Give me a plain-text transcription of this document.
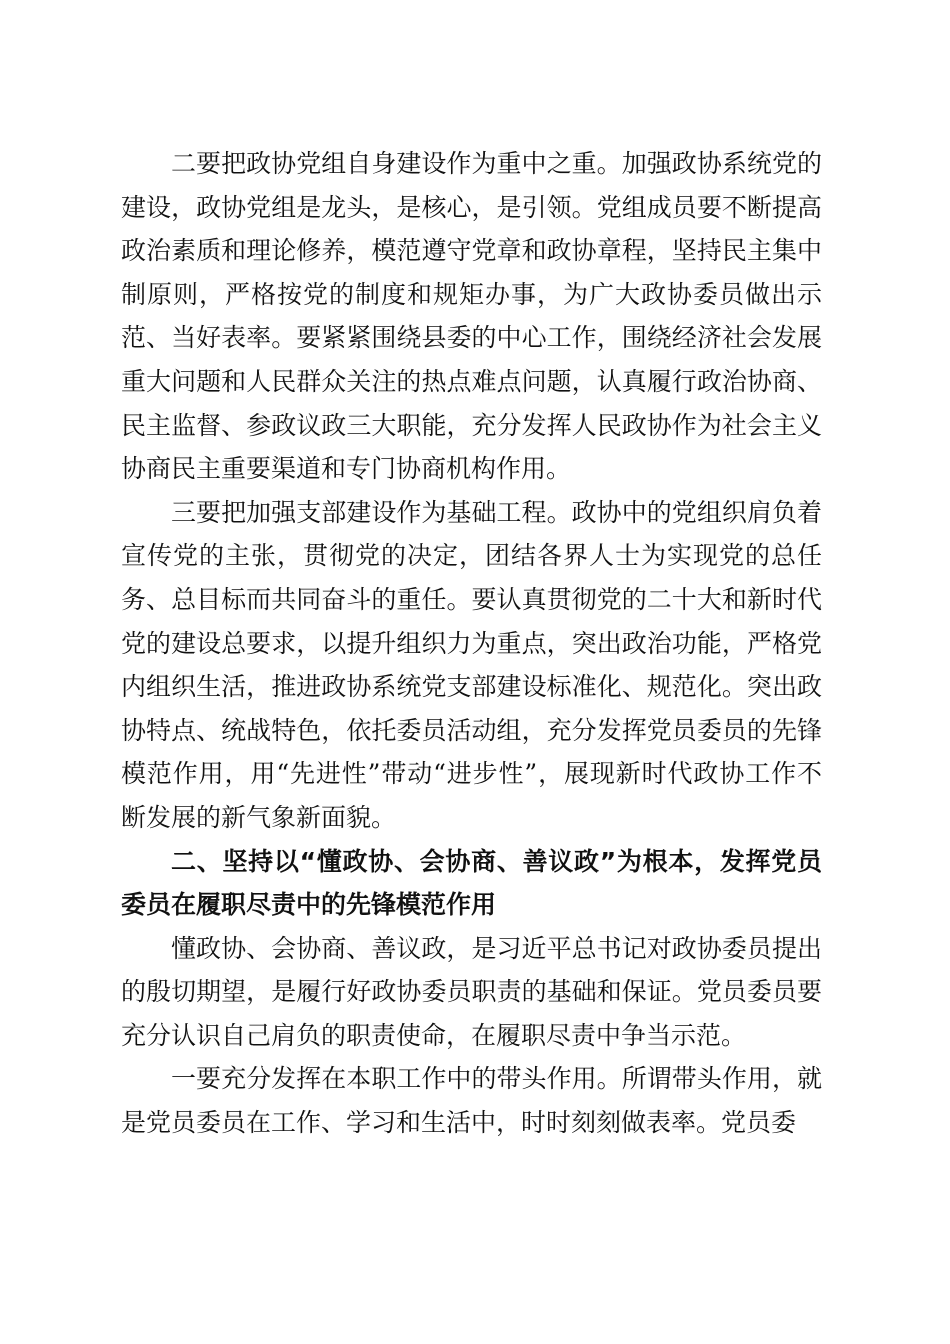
二要把政协党组自身建设作为重中之重。加强政协系统党的建设，政协党组是龙头，是核心，是引领。党组成员要不断提高政治素质和理论修养，模范遵守党章和政协章程，坚持民主集中制原则，严格按党的制度和规矩办事，为广大政协委员做出示范、当好表率。要紧紧围绕县委的中心工作，围绕经济社会发展重大问题和人民群众关注的热点难点问题，认真履行政治协商、民主监督、参政议政三大职能，充分发挥人民政协作为社会主义协商民主重要渠道和专门协商机构作用。

三要把加强支部建设作为基础工程。政协中的党组织肩负着宣传党的主张，贯彻党的决定，团结各界人士为实现党的总任务、总目标而共同奋斗的重任。要认真贯彻党的二十大和新时代党的建设总要求，以提升组织力为重点，突出政治功能，严格党内组织生活，推进政协系统党支部建设标准化、规范化。突出政协特点、统战特色，依托委员活动组，充分发挥党员委员的先锋模范作用，用“先进性”带动“进步性”，展现新时代政协工作不断发展的新气象新面貌。

二、坚持以“懂政协、会协商、善议政”为根本，发挥党员委员在履职尽责中的先锋模范作用

懂政协、会协商、善议政，是习近平总书记对政协委员提出的殷切期望，是履行好政协委员职责的基础和保证。党员委员要充分认识自己肩负的职责使命，在履职尽责中争当示范。

一要充分发挥在本职工作中的带头作用。所谓带头作用，就是党员委员在工作、学习和生活中，时时刻刻做表率。党员委
